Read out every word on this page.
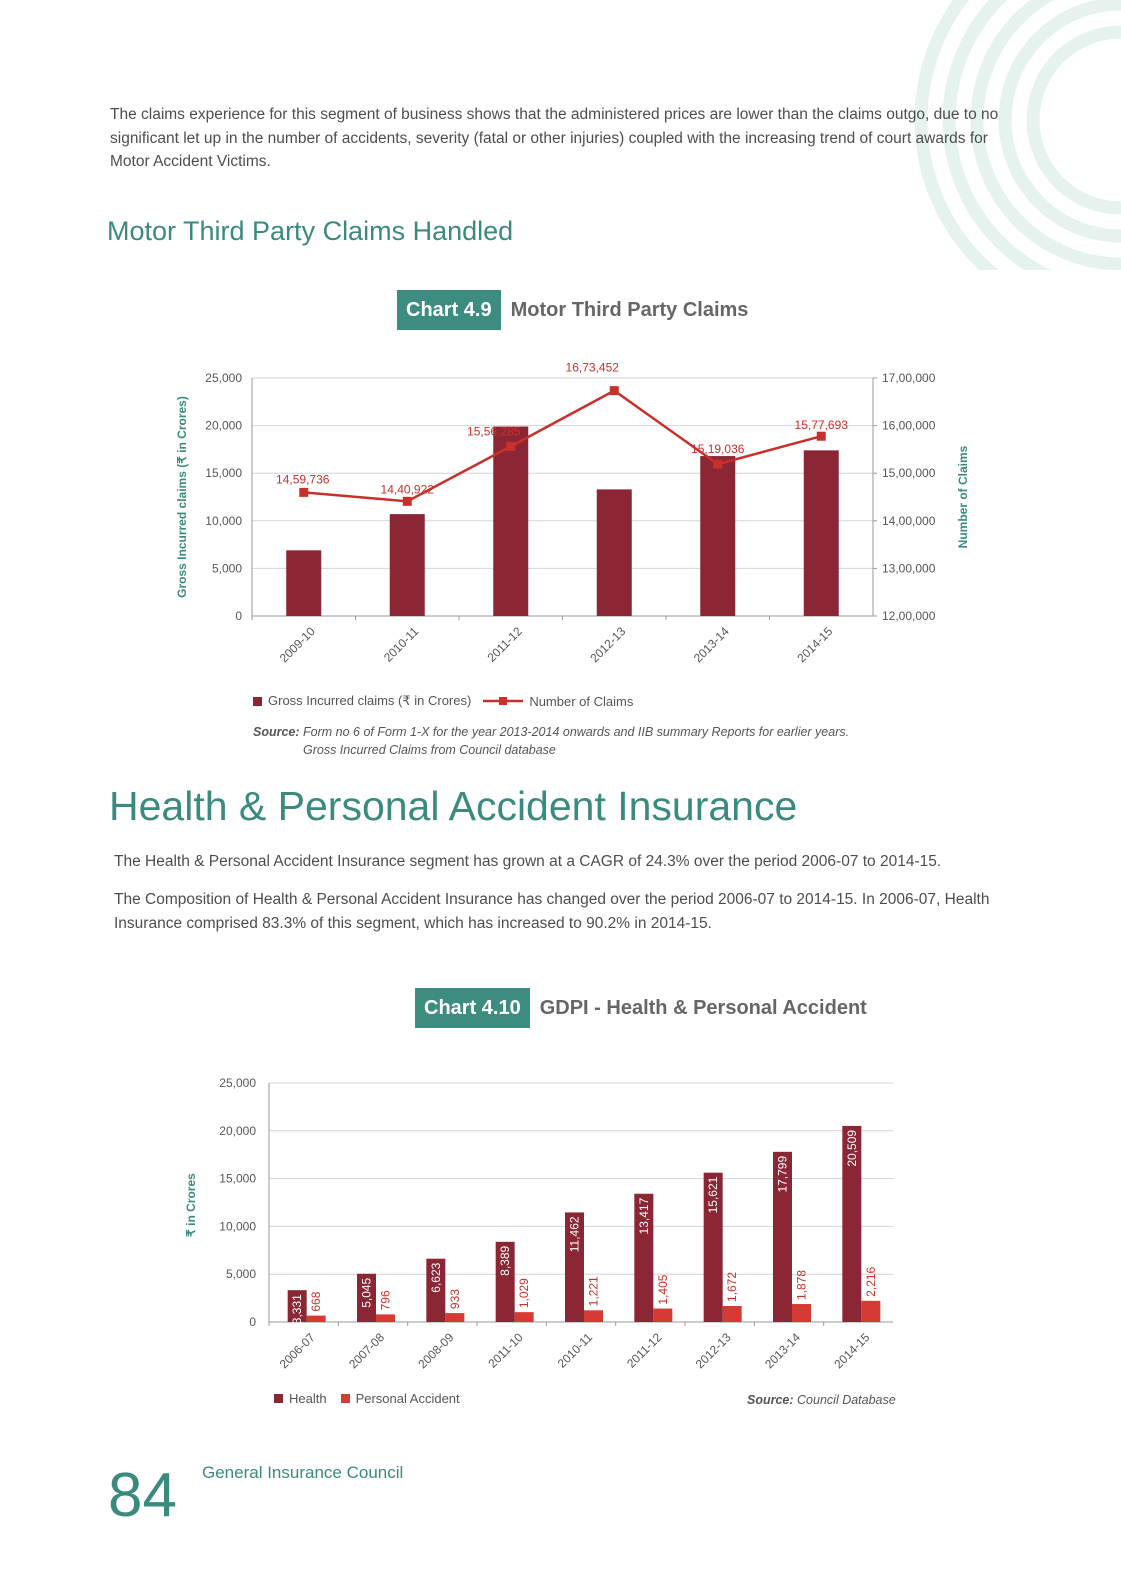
The claims experience for this segment of business shows that the administered prices are lower than the claims outgo, due to no significant let up in the number of accidents, severity (fatal or other injuries) coupled with the increasing trend of court awards for Motor Accident Victims.

Motor Third Party Claims Handled
Chart 4.9 Motor Third Party Claims
0
5,000
10,000
15,000
20,000
25,000
12,00,000
13,00,000
14,00,000
15,00,000
16,00,000
17,00,000
2009-10	2010-11	2011-12	2012-13	2013-14	2014-15
14,59,736
14,40,922
15,56,285
16,73,452
15,19,036
15,77,693
Gross Incurred claims (₹ in Crores)	Number of Claims
Gross Incurred claims (₹ in Crores)	Number of Claims
Source: Form no 6 of Form 1-X for the year 2013-2014 onwards and IIB summary Reports for earlier years.
Gross Incurred Claims from Council database
Health & Personal Accident Insurance

The Health & Personal Accident Insurance segment has grown at a CAGR of 24.3% over the period 2006-07 to 2014-15.

The Composition of Health & Personal Accident Insurance has changed over the period 2006-07 to 2014-15. In 2006-07, Health Insurance comprised 83.3% of this segment, which has increased to 90.2% in 2014-15.

Chart 4.10 GDPI - Health & Personal Accident
0
5,000
10,000
15,000
20,000
25,000
3,331 668
2006-07
5,045 796
2007-08
6,623
933
2008-09
8,389
1,029
2011-10
11,462
1,221
2010-11
13,417
1,405
2011-12
15,621
1,672
2012-13
17,799
1,878
2013-14
20,509
2,216
2014-15
₹ in Crores
Health Personal Accident	Source: Council Database
84 General Insurance Council
